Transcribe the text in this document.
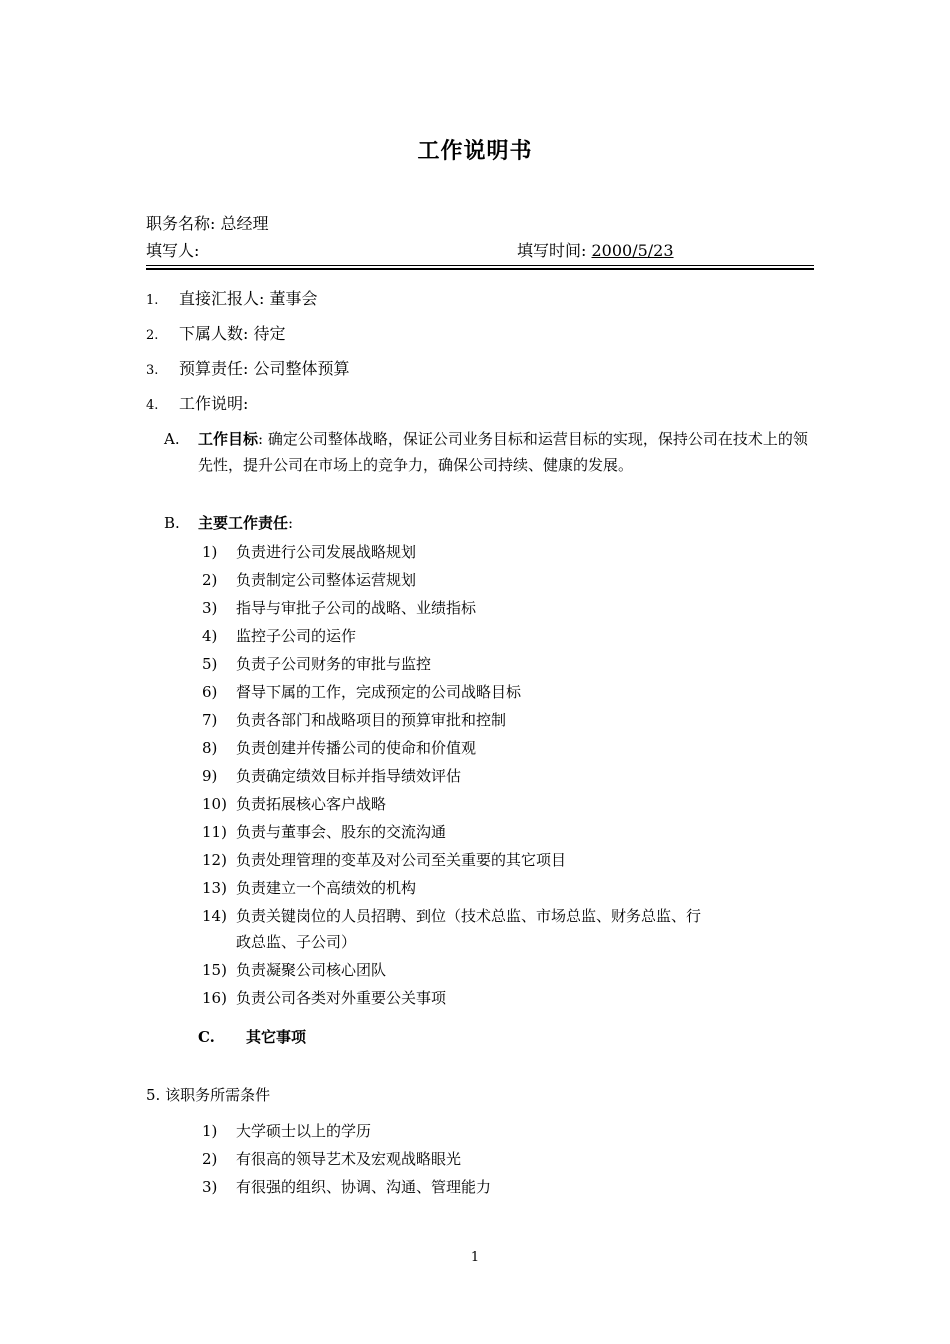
工作说明书
职务名称: 总经理
填写人:	填写时间: 2000/5/23
1. 直接汇报人: 董事会
2. 下属人数: 待定
3. 预算责任: 公司整体预算
4. 工作说明:
A. 工作目标: 确定公司整体战略，保证公司业务目标和运营目标的实现，保持公司在技术上的领先性，提升公司在市场上的竞争力，确保公司持续、健康的发展。
B. 主要工作责任:
1) 负责进行公司发展战略规划
2) 负责制定公司整体运营规划
3) 指导与审批子公司的战略、业绩指标
4) 监控子公司的运作
5) 负责子公司财务的审批与监控
6) 督导下属的工作，完成预定的公司战略目标
7) 负责各部门和战略项目的预算审批和控制
8) 负责创建并传播公司的使命和价值观
9) 负责确定绩效目标并指导绩效评估
10) 负责拓展核心客户战略
11) 负责与董事会、股东的交流沟通
12) 负责处理管理的变革及对公司至关重要的其它项目
13) 负责建立一个高绩效的机构
14) 负责关键岗位的人员招聘、到位（技术总监、市场总监、财务总监、行
政总监、子公司）
15) 负责凝聚公司核心团队
16) 负责公司各类对外重要公关事项
C. 其它事项
5. 该职务所需条件
1) 大学硕士以上的学历
2) 有很高的领导艺术及宏观战略眼光
3) 有很强的组织、协调、沟通、管理能力
1
